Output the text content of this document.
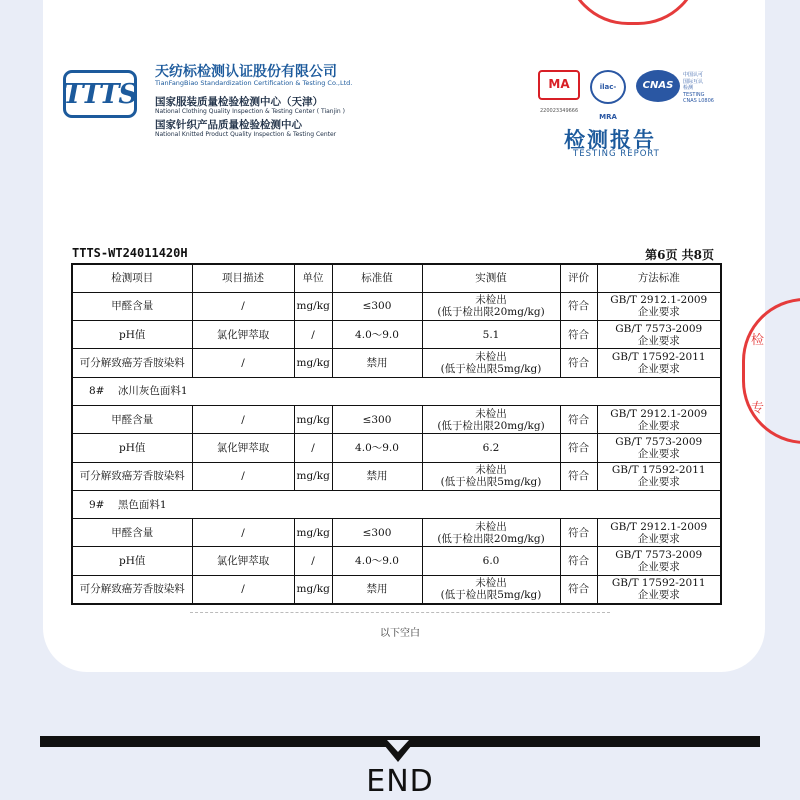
检
专
TTTS
天纺标检测认证股份有限公司
TianFangBiao Standardization Certification & Testing Co.,Ltd.
国家服装质量检验检测中心（天津）
National Clothing Quality Inspection & Testing Center ( Tianjin )
国家针织产品质量检验检测中心
National Knitted Product Quality Inspection & Testing Center
MA
220023349666
ilac-MRA
CNAS
中国认可
国际互认
检测
TESTING
CNAS L0806
检测报告
TESTING REPORT
TTTS-WT24011420H	第6页 共8页
检测项目	项目描述	单位	标准值	实测值	评价	方法标准
甲醛含量	/	mg/kg	≤300	未检出
(低于检出限20mg/kg)	符合	GB/T 2912.1-2009
企业要求
pH值	氯化钾萃取	/	4.0～9.0	5.1	符合	GB/T 7573-2009
企业要求
可分解致癌芳香胺染料	/	mg/kg	禁用	未检出
(低于检出限5mg/kg)	符合	GB/T 17592-2011
企业要求
8#    冰川灰色面料1						
甲醛含量	/	mg/kg	≤300	未检出
(低于检出限20mg/kg)	符合	GB/T 2912.1-2009
企业要求
pH值	氯化钾萃取	/	4.0～9.0	6.2	符合	GB/T 7573-2009
企业要求
可分解致癌芳香胺染料	/	mg/kg	禁用	未检出
(低于检出限5mg/kg)	符合	GB/T 17592-2011
企业要求
9#    黑色面料1						
甲醛含量	/	mg/kg	≤300	未检出
(低于检出限20mg/kg)	符合	GB/T 2912.1-2009
企业要求
pH值	氯化钾萃取	/	4.0～9.0	6.0	符合	GB/T 7573-2009
企业要求
可分解致癌芳香胺染料	/	mg/kg	禁用	未检出
(低于检出限5mg/kg)	符合	GB/T 17592-2011
企业要求
以下空白
END
